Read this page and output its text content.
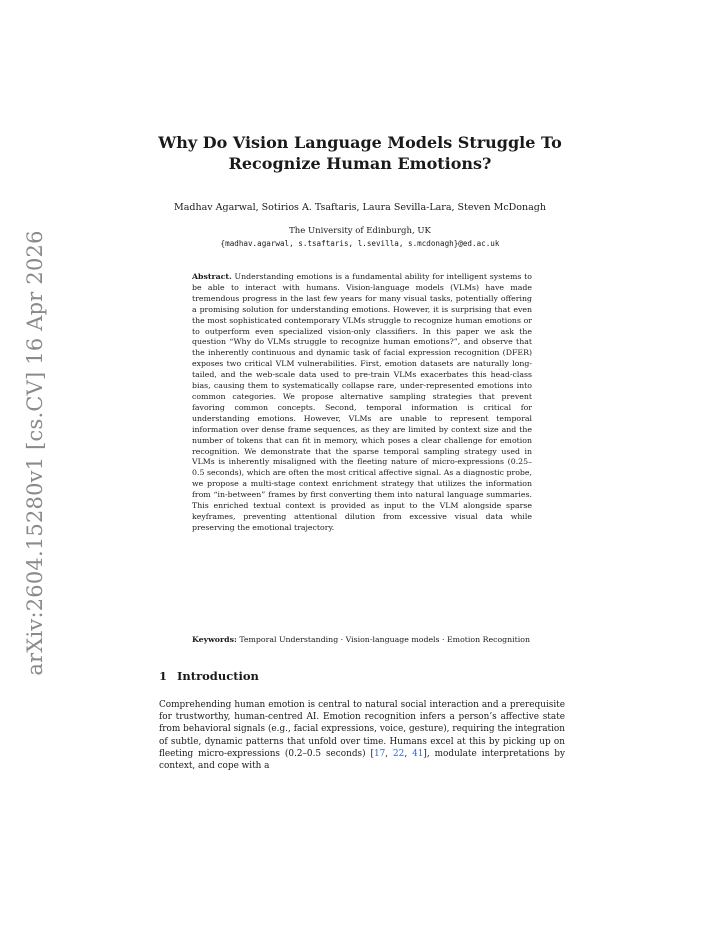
arXiv:2604.15280v1 [cs.CV] 16 Apr 2026
Why Do Vision Language Models Struggle To Recognize Human Emotions?
Madhav Agarwal, Sotirios A. Tsaftaris, Laura Sevilla-Lara, Steven McDonagh
The University of Edinburgh, UK
{madhav.agarwal, s.tsaftaris, l.sevilla, s.mcdonagh}@ed.ac.uk
Abstract. Understanding emotions is a fundamental ability for intelligent systems to be able to interact with humans. Vision-language models (VLMs) have made tremendous progress in the last few years for many visual tasks, potentially offering a promising solution for understanding emotions. However, it is surprising that even the most sophisticated contemporary VLMs struggle to recognize human emotions or to outperform even specialized vision-only classifiers. In this paper we ask the question “Why do VLMs struggle to recognize human emotions?”, and observe that the inherently continuous and dynamic task of facial expression recognition (DFER) exposes two critical VLM vulnerabilities. First, emotion datasets are naturally long-tailed, and the web-scale data used to pre-train VLMs exacerbates this head-class bias, causing them to systematically collapse rare, under-represented emotions into common categories. We propose alternative sampling strategies that prevent favoring common concepts. Second, temporal information is critical for understanding emotions. However, VLMs are unable to represent temporal information over dense frame sequences, as they are limited by context size and the number of tokens that can fit in memory, which poses a clear challenge for emotion recognition. We demonstrate that the sparse temporal sampling strategy used in VLMs is inherently misaligned with the fleeting nature of micro-expressions (0.25–0.5 seconds), which are often the most critical affective signal. As a diagnostic probe, we propose a multi-stage context enrichment strategy that utilizes the information from “in-between” frames by first converting them into natural language summaries. This enriched textual context is provided as input to the VLM alongside sparse keyframes, preventing attentional dilution from excessive visual data while preserving the emotional trajectory.
Keywords: Temporal Understanding · Vision-language models · Emotion Recognition
1 Introduction
Comprehending human emotion is central to natural social interaction and a prerequisite for trustworthy, human-centred AI. Emotion recognition infers a person’s affective state from behavioral signals (e.g., facial expressions, voice, gesture), requiring the integration of subtle, dynamic patterns that unfold over time. Humans excel at this by picking up on fleeting micro-expressions (0.2–0.5 seconds) [17, 22, 41], modulate interpretations by context, and cope with a
